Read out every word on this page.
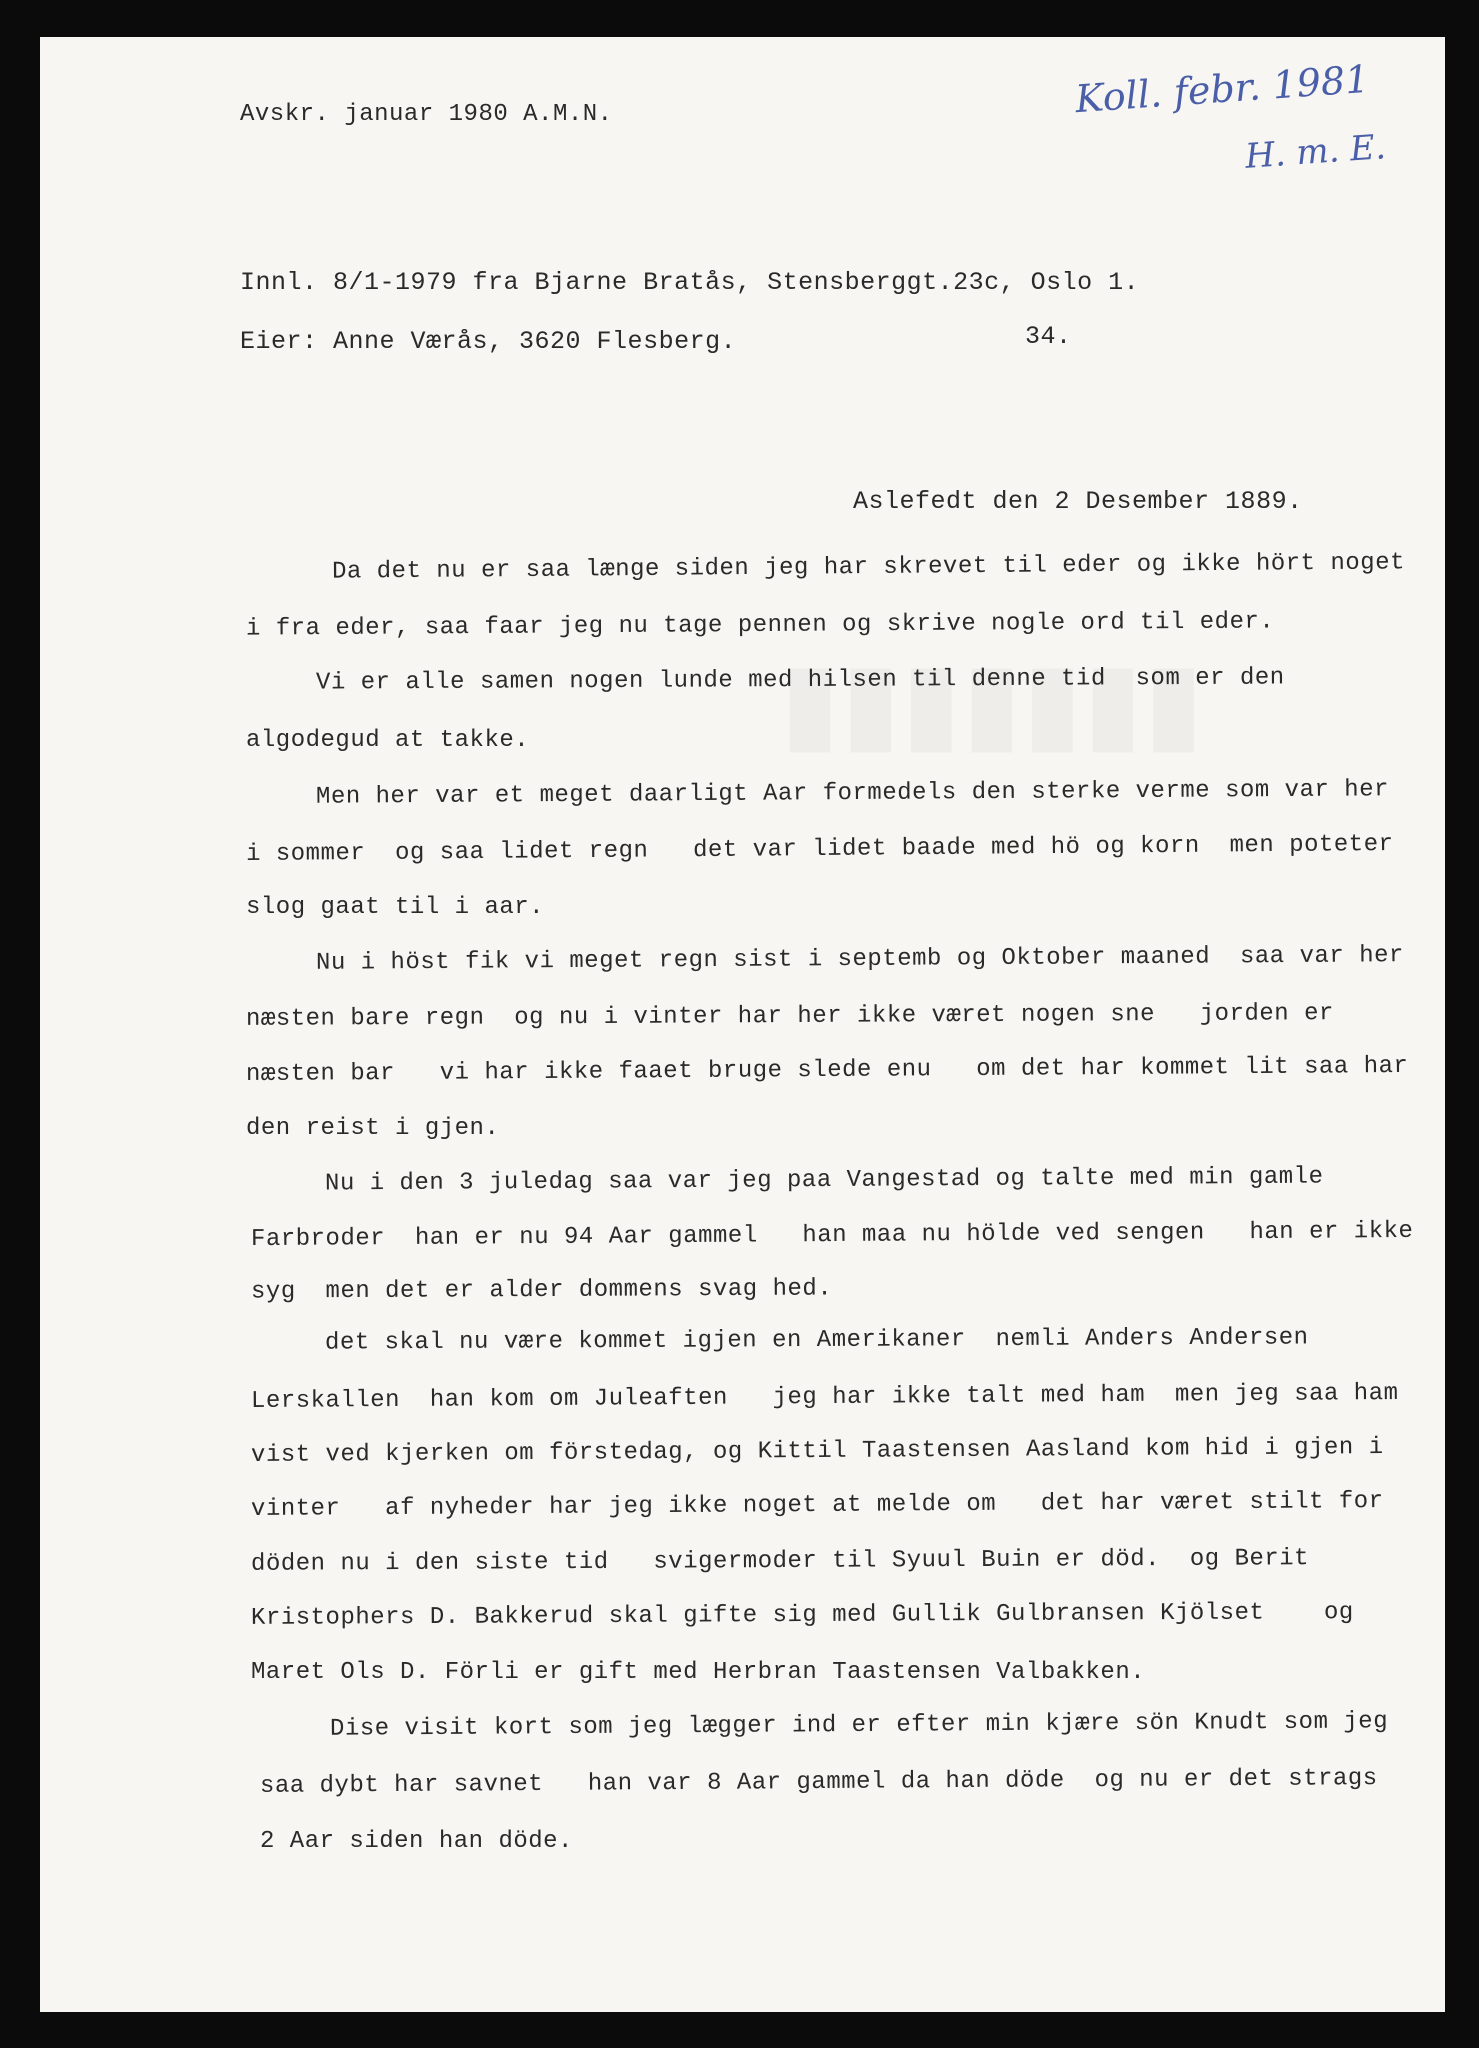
Avskr. januar 1980 A.M.N.	Koll. febr. 1981
H. m. E.
Innl. 8/1-1979 fra Bjarne Bratås, Stensberggt.23c, Oslo 1.
Eier: Anne Værås, 3620 Flesberg.	34.
Aslefedt den 2 Desember 1889.
Da det nu er saa længe siden jeg har skrevet til eder og ikke hört noget
i fra eder, saa faar jeg nu tage pennen og skrive nogle ord til eder.
Vi er alle samen nogen lunde med hilsen til denne tid  som er den
algodegud at takke.
Men her var et meget daarligt Aar formedels den sterke verme som var her
i sommer  og saa lidet regn   det var lidet baade med hö og korn  men poteter
slog gaat til i aar.
Nu i höst fik vi meget regn sist i septemb og Oktober maaned  saa var her
næsten bare regn  og nu i vinter har her ikke været nogen sne   jorden er
næsten bar   vi har ikke faaet bruge slede enu   om det har kommet lit saa har
den reist i gjen.
Nu i den 3 juledag saa var jeg paa Vangestad og talte med min gamle
Farbroder  han er nu 94 Aar gammel   han maa nu hölde ved sengen   han er ikke
syg  men det er alder dommens svag hed.
det skal nu være kommet igjen en Amerikaner  nemli Anders Andersen
Lerskallen  han kom om Juleaften   jeg har ikke talt med ham  men jeg saa ham
vist ved kjerken om förstedag, og Kittil Taastensen Aasland kom hid i gjen i
vinter   af nyheder har jeg ikke noget at melde om   det har været stilt for
döden nu i den siste tid   svigermoder til Syuul Buin er död.  og Berit
Kristophers D. Bakkerud skal gifte sig med Gullik Gulbransen Kjölset    og
Maret Ols D. Förli er gift med Herbran Taastensen Valbakken.
Dise visit kort som jeg lægger ind er efter min kjære sön Knudt som jeg
saa dybt har savnet   han var 8 Aar gammel da han döde  og nu er det strags
2 Aar siden han döde.
